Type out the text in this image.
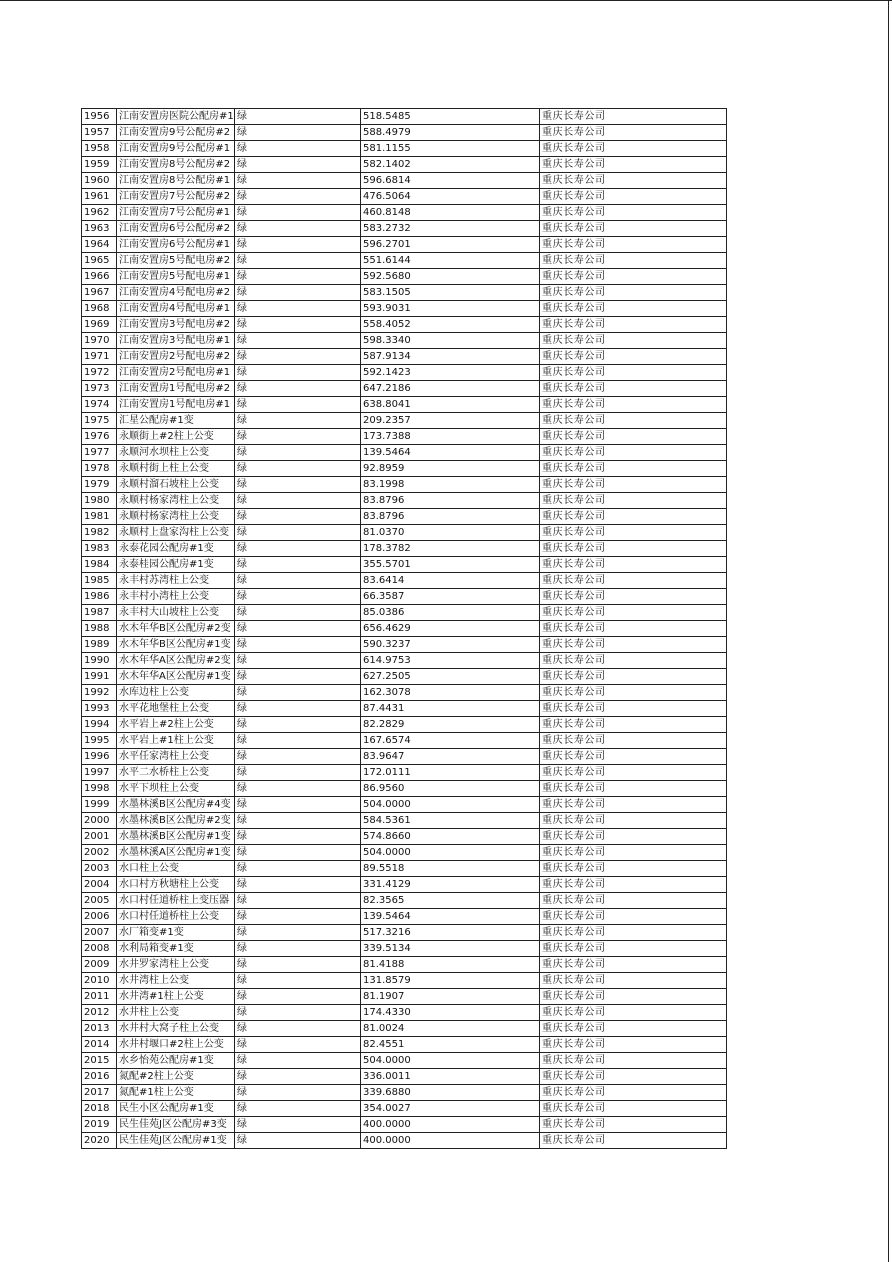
1956	江南安置房医院公配房#1	绿	518.5485	重庆长寿公司
1957	江南安置房9号公配房#2	绿	588.4979	重庆长寿公司
1958	江南安置房9号公配房#1	绿	581.1155	重庆长寿公司
1959	江南安置房8号公配房#2	绿	582.1402	重庆长寿公司
1960	江南安置房8号公配房#1	绿	596.6814	重庆长寿公司
1961	江南安置房7号公配房#2	绿	476.5064	重庆长寿公司
1962	江南安置房7号公配房#1	绿	460.8148	重庆长寿公司
1963	江南安置房6号公配房#2	绿	583.2732	重庆长寿公司
1964	江南安置房6号公配房#1	绿	596.2701	重庆长寿公司
1965	江南安置房5号配电房#2	绿	551.6144	重庆长寿公司
1966	江南安置房5号配电房#1	绿	592.5680	重庆长寿公司
1967	江南安置房4号配电房#2	绿	583.1505	重庆长寿公司
1968	江南安置房4号配电房#1	绿	593.9031	重庆长寿公司
1969	江南安置房3号配电房#2	绿	558.4052	重庆长寿公司
1970	江南安置房3号配电房#1	绿	598.3340	重庆长寿公司
1971	江南安置房2号配电房#2	绿	587.9134	重庆长寿公司
1972	江南安置房2号配电房#1	绿	592.1423	重庆长寿公司
1973	江南安置房1号配电房#2	绿	647.2186	重庆长寿公司
1974	江南安置房1号配电房#1	绿	638.8041	重庆长寿公司
1975	汇星公配房#1变	绿	209.2357	重庆长寿公司
1976	永顺街上#2柱上公变	绿	173.7388	重庆长寿公司
1977	永顺河水坝柱上公变	绿	139.5464	重庆长寿公司
1978	永顺村街上柱上公变	绿	92.8959	重庆长寿公司
1979	永顺村溜石坡柱上公变	绿	83.1998	重庆长寿公司
1980	永顺村杨家湾柱上公变	绿	83.8796	重庆长寿公司
1981	永顺村杨家湾柱上公变	绿	83.8796	重庆长寿公司
1982	永顺村上盘家沟柱上公变	绿	81.0370	重庆长寿公司
1983	永泰花园公配房#1变	绿	178.3782	重庆长寿公司
1984	永泰桂园公配房#1变	绿	355.5701	重庆长寿公司
1985	永丰村苏湾柱上公变	绿	83.6414	重庆长寿公司
1986	永丰村小湾柱上公变	绿	66.3587	重庆长寿公司
1987	永丰村大山坡柱上公变	绿	85.0386	重庆长寿公司
1988	水木年华B区公配房#2变	绿	656.4629	重庆长寿公司
1989	水木年华B区公配房#1变	绿	590.3237	重庆长寿公司
1990	水木年华A区公配房#2变	绿	614.9753	重庆长寿公司
1991	水木年华A区公配房#1变	绿	627.2505	重庆长寿公司
1992	水库边柱上公变	绿	162.3078	重庆长寿公司
1993	水平花地堡柱上公变	绿	87.4431	重庆长寿公司
1994	水平岩上#2柱上公变	绿	82.2829	重庆长寿公司
1995	水平岩上#1柱上公变	绿	167.6574	重庆长寿公司
1996	水平任家湾柱上公变	绿	83.9647	重庆长寿公司
1997	水平二水桥柱上公变	绿	172.0111	重庆长寿公司
1998	水平下坝柱上公变	绿	86.9560	重庆长寿公司
1999	水墨林溪B区公配房#4变	绿	504.0000	重庆长寿公司
2000	水墨林溪B区公配房#2变	绿	584.5361	重庆长寿公司
2001	水墨林溪B区公配房#1变	绿	574.8660	重庆长寿公司
2002	水墨林溪A区公配房#1变	绿	504.0000	重庆长寿公司
2003	水口柱上公变	绿	89.5518	重庆长寿公司
2004	水口村方秋塘柱上公变	绿	331.4129	重庆长寿公司
2005	水口村任道桥柱上变压器	绿	82.3565	重庆长寿公司
2006	水口村任道桥柱上公变	绿	139.5464	重庆长寿公司
2007	水厂箱变#1变	绿	517.3216	重庆长寿公司
2008	水利局箱变#1变	绿	339.5134	重庆长寿公司
2009	水井罗家湾柱上公变	绿	81.4188	重庆长寿公司
2010	水井湾柱上公变	绿	131.8579	重庆长寿公司
2011	水井湾#1柱上公变	绿	81.1907	重庆长寿公司
2012	水井柱上公变	绿	174.4330	重庆长寿公司
2013	水井村大窝子柱上公变	绿	81.0024	重庆长寿公司
2014	水井村堰口#2柱上公变	绿	82.4551	重庆长寿公司
2015	水乡怡苑公配房#1变	绿	504.0000	重庆长寿公司
2016	氮配#2柱上公变	绿	336.0011	重庆长寿公司
2017	氮配#1柱上公变	绿	339.6880	重庆长寿公司
2018	民生小区公配房#1变	绿	354.0027	重庆长寿公司
2019	民生佳苑J区公配房#3变	绿	400.0000	重庆长寿公司
2020	民生佳苑J区公配房#1变	绿	400.0000	重庆长寿公司
